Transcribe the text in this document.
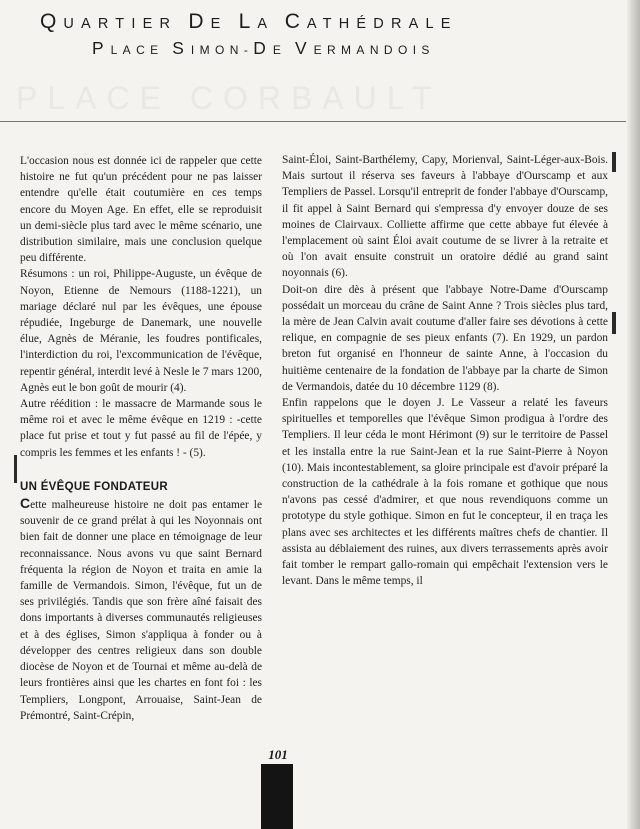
QUARTIER DE LA CATHÉDRALE
PLACE SIMON-DE VERMANDOIS
PLACE CORBAULT

L'occasion nous est donnée ici de rappeler que cette histoire ne fut qu'un précédent pour ne pas laisser entendre qu'elle était coutumière en ces temps encore du Moyen Age. En effet, elle se reproduisit un demi-siècle plus tard avec le même scénario, une distribution similaire, mais une conclusion quelque peu différente.

Résumons : un roi, Philippe-Auguste, un évêque de Noyon, Etienne de Nemours (1188-1221), un mariage déclaré nul par les évêques, une épouse répudiée, Ingeburge de Danemark, une nouvelle élue, Agnès de Méranie, les foudres pontificales, l'interdiction du roi, l'excommunication de l'évêque, repentir général, interdit levé à Nesle le 7 mars 1200, Agnès eut le bon goût de mourir (4).

Autre réédition : le massacre de Marmande sous le même roi et avec le même évêque en 1219 : -cette place fut prise et tout y fut passé au fil de l'épée, y compris les femmes et les enfants ! - (5).

UN ÉVÊQUE FONDATEUR

Cette malheureuse histoire ne doit pas entamer le souvenir de ce grand prélat à qui les Noyonnais ont bien fait de donner une place en témoignage de leur reconnaissance. Nous avons vu que saint Bernard fréquenta la région de Noyon et traita en amie la famille de Vermandois. Simon, l'évêque, fut un de ses privilégiés. Tandis que son frère aîné faisait des dons importants à diverses communautés religieuses et à des églises, Simon s'appliqua à fonder ou à développer des centres religieux dans son double diocèse de Noyon et de Tournai et même au-delà de leurs frontières ainsi que les chartes en font foi : les Templiers, Longpont, Arrouaise, Saint-Jean de Prémontré, Saint-Crépin,

Saint-Éloi, Saint-Barthélemy, Capy, Morienval, Saint-Léger-aux-Bois. Mais surtout il réserva ses faveurs à l'abbaye d'Ourscamp et aux Templiers de Passel. Lorsqu'il entreprit de fonder l'abbaye d'Ourscamp, il fit appel à Saint Bernard qui s'empressa d'y envoyer douze de ses moines de Clairvaux. Colliette affirme que cette abbaye fut élevée à l'emplacement où saint Éloi avait coutume de se livrer à la retraite et où l'on avait ensuite construit un oratoire dédié au grand saint noyonnais (6).

Doit-on dire dès à présent que l'abbaye Notre-Dame d'Ourscamp possédait un morceau du crâne de Saint Anne ? Trois siècles plus tard, la mère de Jean Calvin avait coutume d'aller faire ses dévotions à cette relique, en compagnie de ses pieux enfants (7). En 1929, un pardon breton fut organisé en l'honneur de sainte Anne, à l'occasion du huitième centenaire de la fondation de l'abbaye par la charte de Simon de Vermandois, datée du 10 décembre 1129 (8).

Enfin rappelons que le doyen J. Le Vasseur a relaté les faveurs spirituelles et temporelles que l'évêque Simon prodigua à l'ordre des Templiers. Il leur céda le mont Hérimont (9) sur le territoire de Passel et les installa entre la rue Saint-Jean et la rue Saint-Pierre à Noyon (10). Mais incontestablement, sa gloire principale est d'avoir préparé la construction de la cathédrale à la fois romane et gothique que nous n'avons pas cessé d'admirer, et que nous revendiquons comme un prototype du style gothique. Simon en fut le concepteur, il en traça les plans avec ses architectes et les différents maîtres chefs de chantier. Il assista au déblaiement des ruines, aux divers terrassements après avoir fait tomber le rempart gallo-romain qui empêchait l'extension vers le levant. Dans le même temps, il

101
